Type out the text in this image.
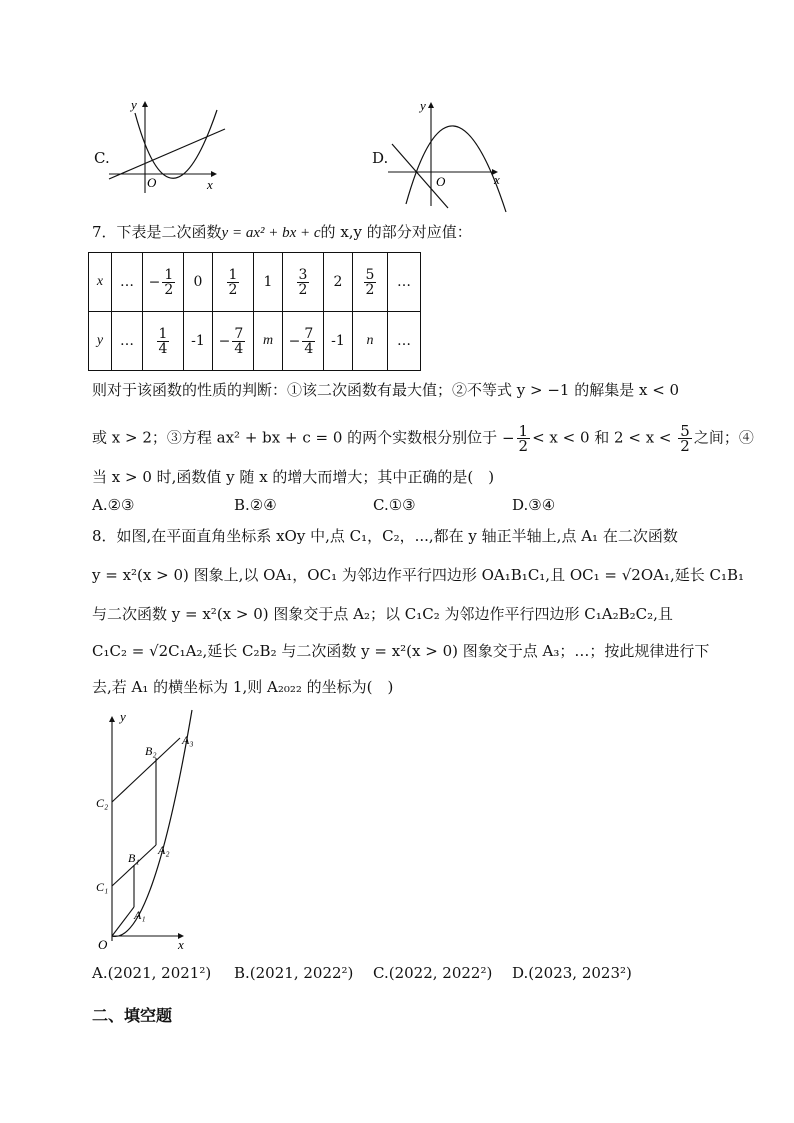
C.
y
x
O
D.
y
x
O
7．下表是二次函数y = ax² + bx + c的 x,y 的部分对应值：
x	…	− $\frac{1}{2}$	0	$\frac{1}{2}$	1	$\frac{3}{2}$	2	$\frac{5}{2}$	…
y	…	$\frac{1}{4}$	-1	− $\frac{7}{4}$	m	− $\frac{7}{4}$	-1	n	…
则对于该函数的性质的判断：①该二次函数有最大值；②不等式 y > −1 的解集是 x < 0
或 x > 2；③方程 ax² + bx + c = 0 的两个实数根分别位于 − $\frac{1}{2} < x < 0$ 和 $2 < x < \frac{5}{2}$ 之间；④
当 x > 0 时,函数值 y 随 x 的增大而增大；其中正确的是(　)
A.②③	B.②④	C.①③	D.③④
8．如图,在平面直角坐标系 xOy 中,点 C₁，C₂，...,都在 y 轴正半轴上,点 A₁ 在二次函数
y = x²(x > 0) 图象上,以 OA₁，OC₁ 为邻边作平行四边形 OA₁B₁C₁,且 OC₁ = √2OA₁,延长 C₁B₁
与二次函数 y = x²(x > 0) 图象交于点 A₂；以 C₁C₂ 为邻边作平行四边形 C₁A₂B₂C₂,且
C₁C₂ = √2C₁A₂,延长 C₂B₂ 与二次函数 y = x²(x > 0) 图象交于点 A₃；…；按此规律进行下
去,若 A₁ 的横坐标为 1,则 A₂₀₂₂ 的坐标为(　)
y
x
O
A₁
A₂
A₃
B₁
B₂
C₁
C₂
A.(2021, 2021²) B.(2021, 2022²) C.(2022, 2022²) D.(2023, 2023²)
二、填空题
